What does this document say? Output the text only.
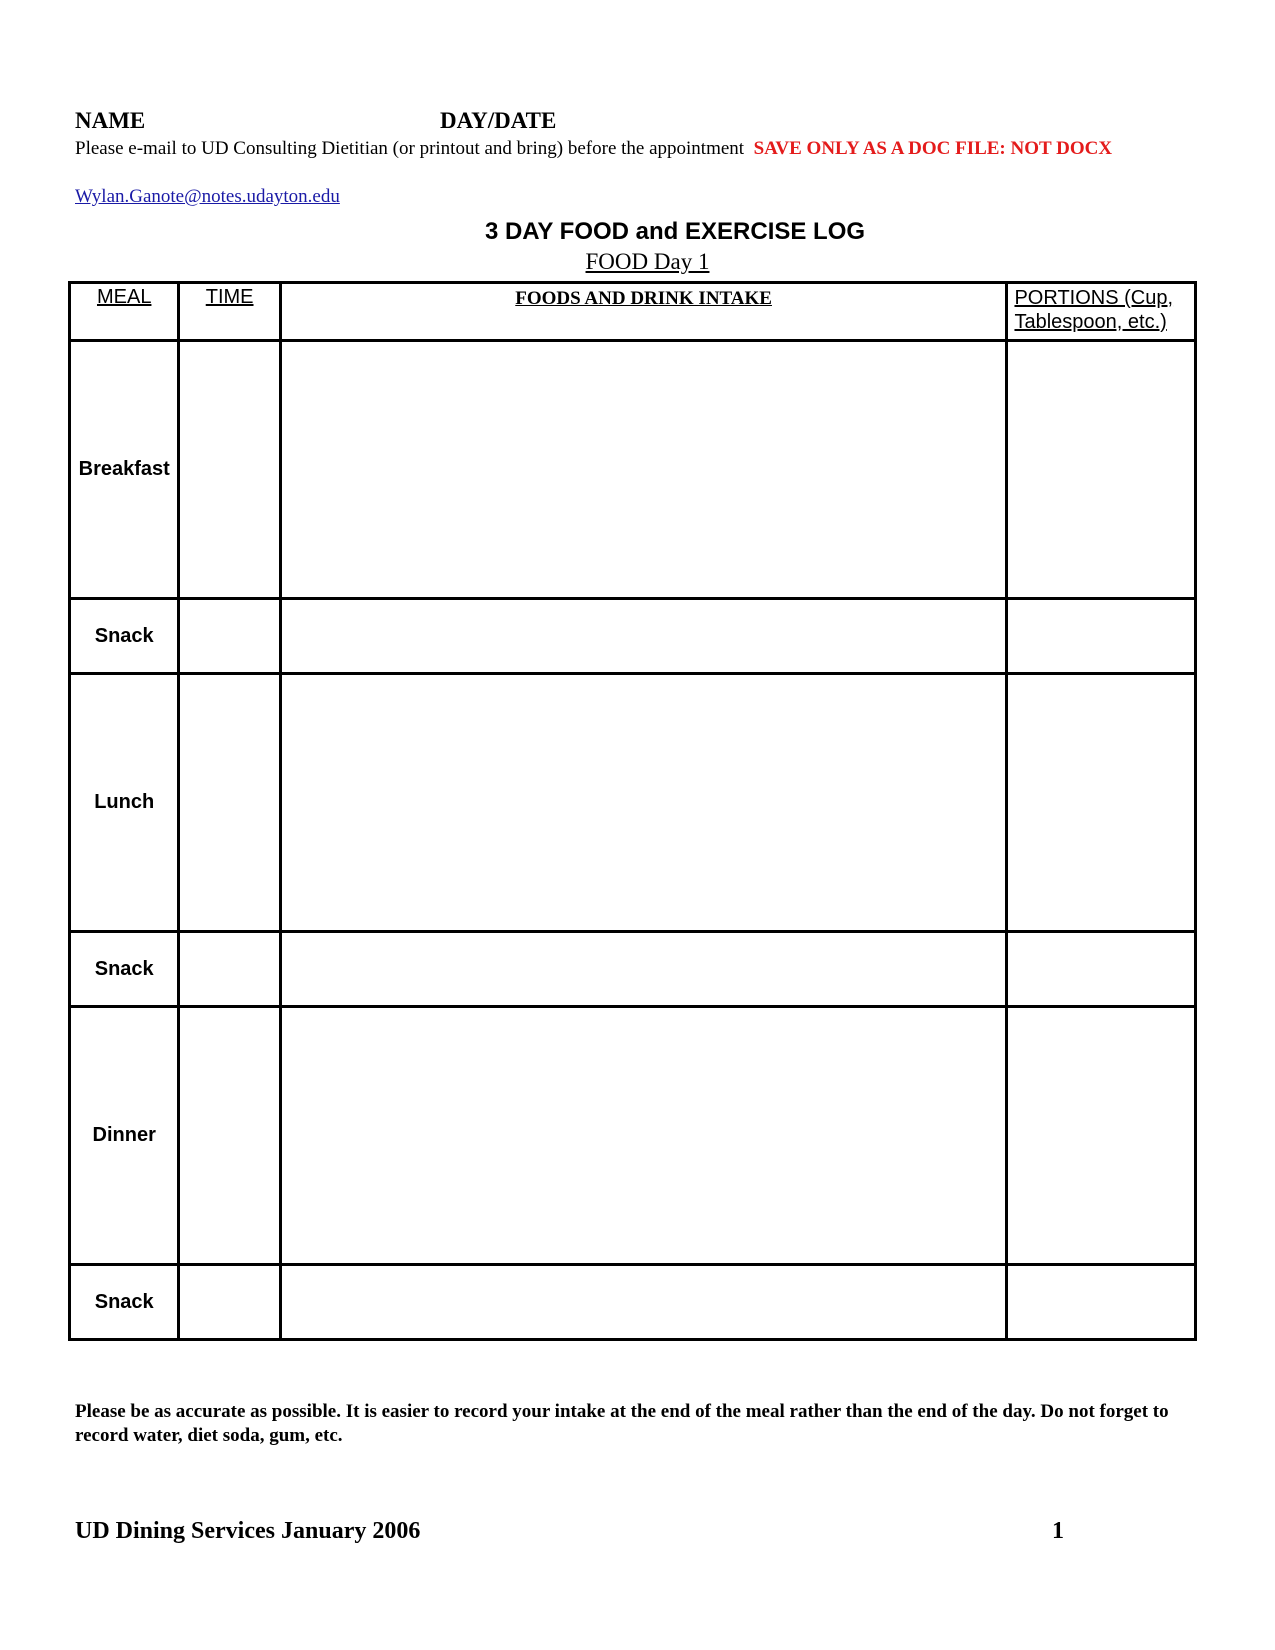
NAME	DAY/DATE
Please e-mail to UD Consulting Dietitian (or printout and bring) before the appointment SAVE ONLY AS A DOC FILE: NOT DOCX
Wylan.Ganote@notes.udayton.edu
3 DAY FOOD and EXERCISE LOG
FOOD Day 1
MEAL	TIME	FOODS AND DRINK INTAKE	PORTIONS (Cup, Tablespoon, etc.)
Breakfast			
Snack			
Lunch			
Snack			
Dinner			
Snack			
Please be as accurate as possible. It is easier to record your intake at the end of the meal rather than the end of the day. Do not forget to record water, diet soda, gum, etc.
UD Dining Services January 2006	1
